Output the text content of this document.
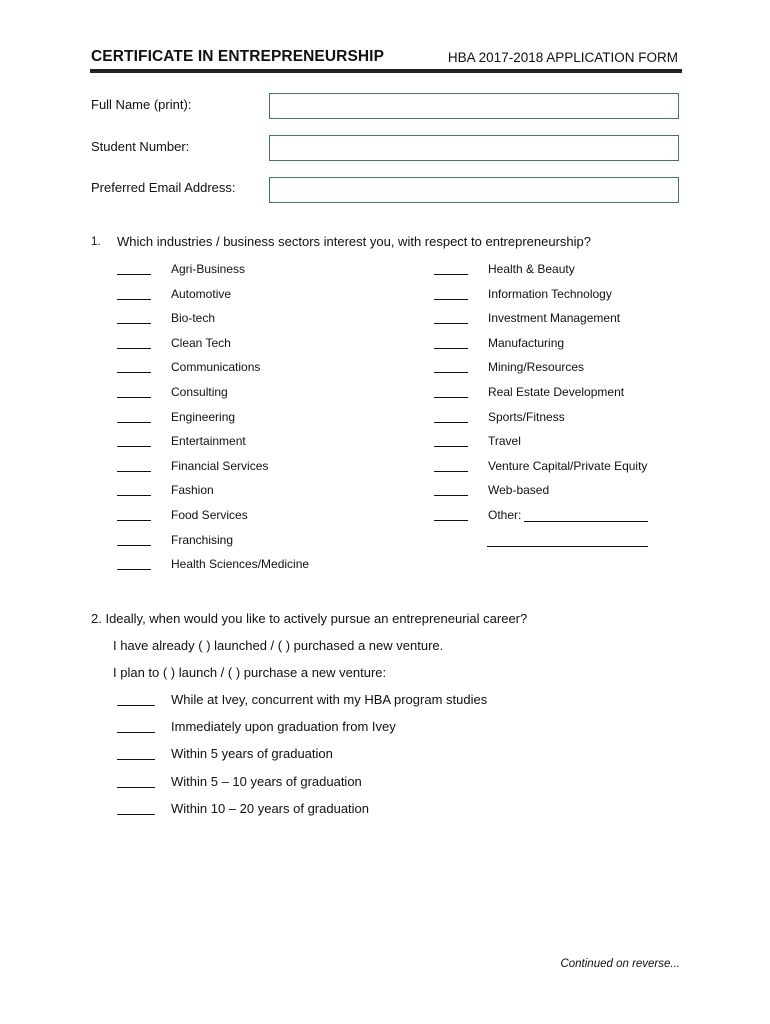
CERTIFICATE IN ENTREPRENEURSHIP	HBA 2017-2018 APPLICATION FORM
Full Name (print):
Student Number:
Preferred Email Address:
1. Which industries / business sectors interest you, with respect to entrepreneurship?
Agri-Business
Automotive
Bio-tech
Clean Tech
Communications
Consulting
Engineering
Entertainment
Financial Services
Fashion
Food Services
Franchising
Health Sciences/Medicine
Health & Beauty
Information Technology
Investment Management
Manufacturing
Mining/Resources
Real Estate Development
Sports/Fitness
Travel
Venture Capital/Private Equity
Web-based
Other:
2. Ideally, when would you like to actively pursue an entrepreneurial career?
I have already ( ) launched / ( ) purchased a new venture.
I plan to ( ) launch / ( ) purchase a new venture:
While at Ivey, concurrent with my HBA program studies
Immediately upon graduation from Ivey
Within 5 years of graduation
Within 5 – 10 years of graduation
Within 10 – 20 years of graduation
Continued on reverse...
